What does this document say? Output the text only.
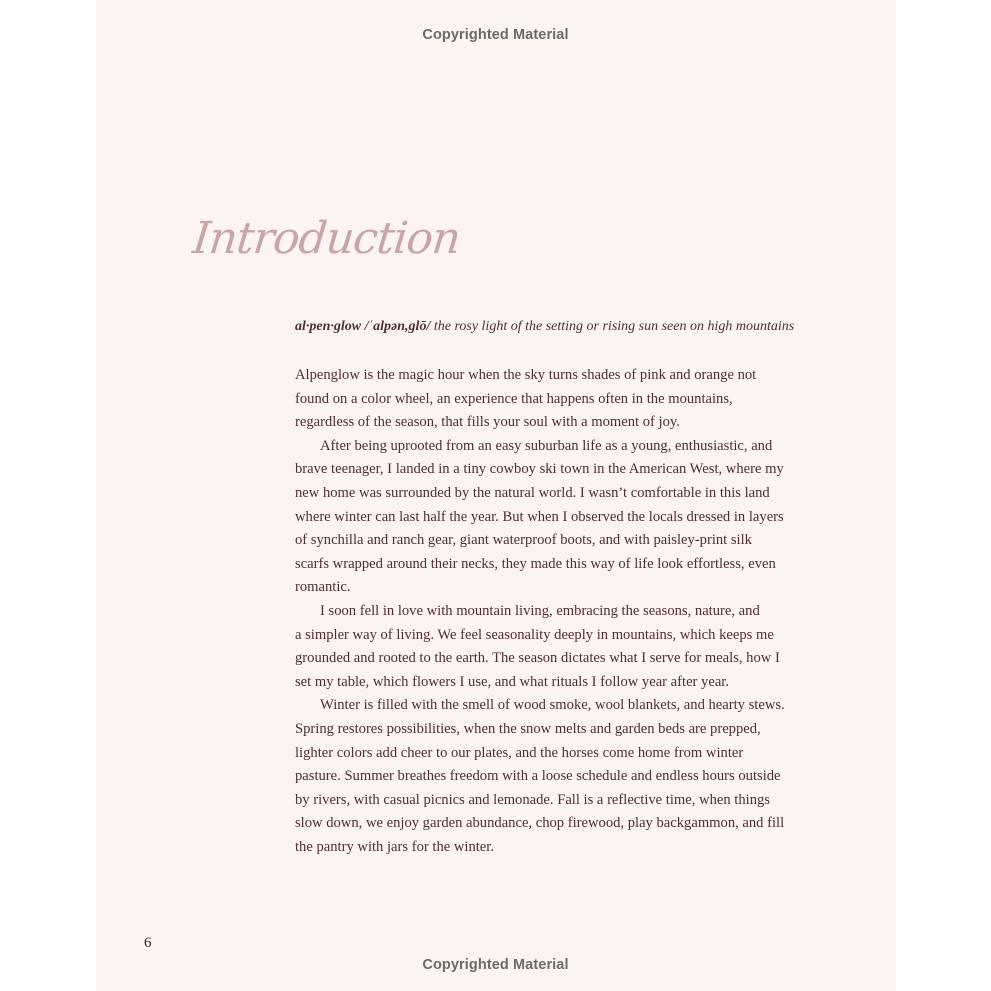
Copyrighted Material
Introduction
al·pen·glow /ˈalpən,glō/ the rosy light of the setting or rising sun seen on high mountains
Alpenglow is the magic hour when the sky turns shades of pink and orange not
found on a color wheel, an experience that happens often in the mountains,
regardless of the season, that fills your soul with a moment of joy.
After being uprooted from an easy suburban life as a young, enthusiastic, and
brave teenager, I landed in a tiny cowboy ski town in the American West, where my
new home was surrounded by the natural world. I wasn’t comfortable in this land
where winter can last half the year. But when I observed the locals dressed in layers
of synchilla and ranch gear, giant waterproof boots, and with paisley-print silk
scarfs wrapped around their necks, they made this way of life look effortless, even
romantic.
I soon fell in love with mountain living, embracing the seasons, nature, and
a simpler way of living. We feel seasonality deeply in mountains, which keeps me
grounded and rooted to the earth. The season dictates what I serve for meals, how I
set my table, which flowers I use, and what rituals I follow year after year.
Winter is filled with the smell of wood smoke, wool blankets, and hearty stews.
Spring restores possibilities, when the snow melts and garden beds are prepped,
lighter colors add cheer to our plates, and the horses come home from winter
pasture. Summer breathes freedom with a loose schedule and endless hours outside
by rivers, with casual picnics and lemonade. Fall is a reflective time, when things
slow down, we enjoy garden abundance, chop firewood, play backgammon, and fill
the pantry with jars for the winter.
6
Copyrighted Material
